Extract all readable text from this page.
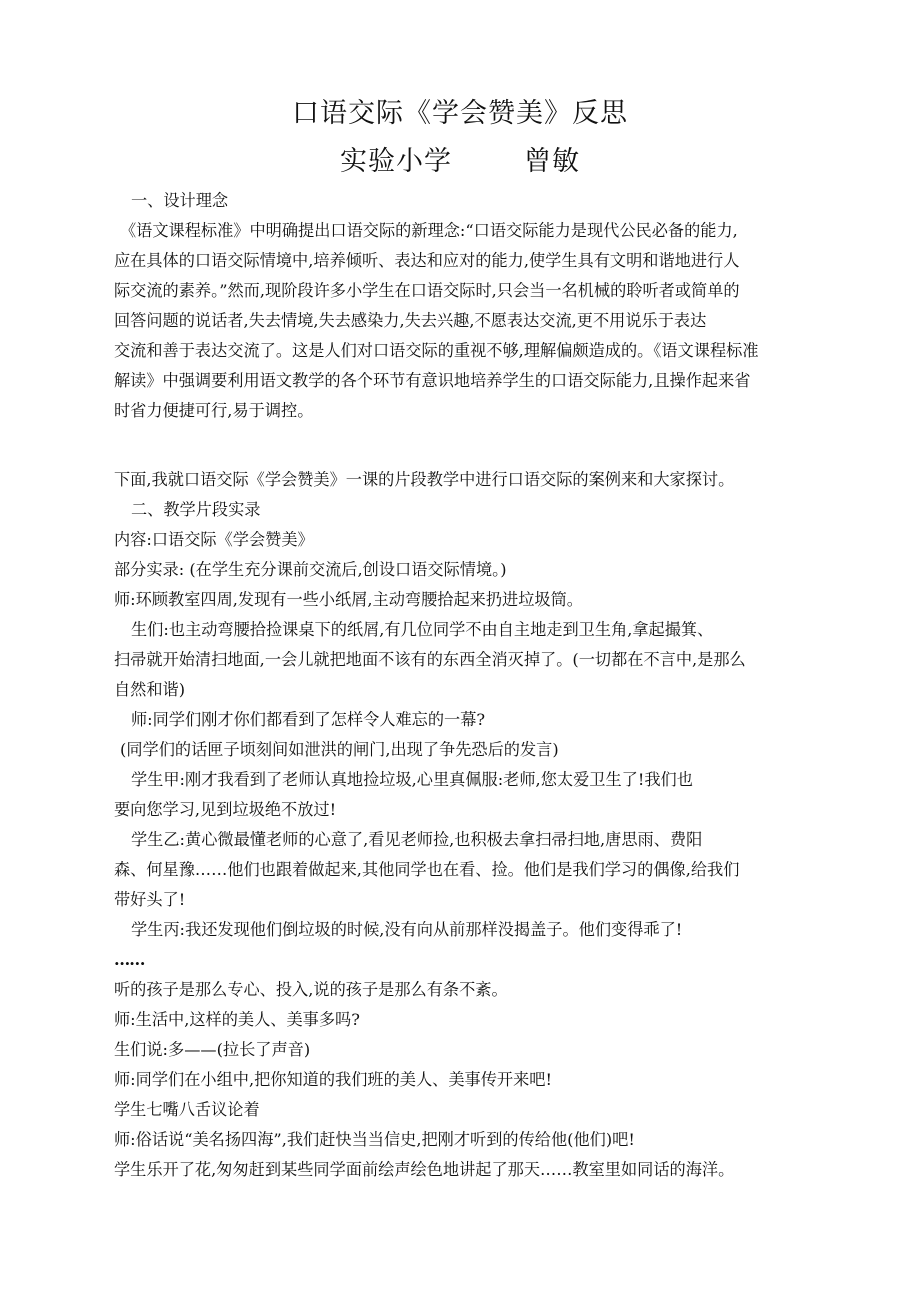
口语交际《学会赞美》反思
实验小学	曾敏

一、设计理念

《语文课程标准》中明确提出口语交际的新理念:“口语交际能力是现代公民必备的能力,

应在具体的口语交际情境中,培养倾听、表达和应对的能力,使学生具有文明和谐地进行人

际交流的素养。”然而,现阶段许多小学生在口语交际时,只会当一名机械的聆听者或简单的

回答问题的说话者,失去情境,失去感染力,失去兴趣,不愿表达交流,更不用说乐于表达

交流和善于表达交流了。这是人们对口语交际的重视不够,理解偏颇造成的。《语文课程标准

解读》中强调要利用语文教学的各个环节有意识地培养学生的口语交际能力,且操作起来省

时省力便捷可行,易于调控。

下面,我就口语交际《学会赞美》一课的片段教学中进行口语交际的案例来和大家探讨。

二、教学片段实录

内容:口语交际《学会赞美》

部分实录: (在学生充分课前交流后,创设口语交际情境。)

师:环顾教室四周,发现有一些小纸屑,主动弯腰拾起来扔进垃圾筒。

生们:也主动弯腰拾捡课桌下的纸屑,有几位同学不由自主地走到卫生角,拿起撮箕、

扫帚就开始清扫地面,一会儿就把地面不该有的东西全消灭掉了。(一切都在不言中,是那么

自然和谐)

师:同学们刚才你们都看到了怎样令人难忘的一幕?

(同学们的话匣子顷刻间如泄洪的闸门,出现了争先恐后的发言)

学生甲:刚才我看到了老师认真地捡垃圾,心里真佩服:老师,您太爱卫生了!我们也

要向您学习,见到垃圾绝不放过!

学生乙:黄心微最懂老师的心意了,看见老师捡,也积极去拿扫帚扫地,唐思雨、费阳

森、何星豫……他们也跟着做起来,其他同学也在看、捡。他们是我们学习的偶像,给我们

带好头了!

学生丙:我还发现他们倒垃圾的时候,没有向从前那样没揭盖子。他们变得乖了!

……

听的孩子是那么专心、投入,说的孩子是那么有条不紊。

师:生活中,这样的美人、美事多吗?

生们说:多——(拉长了声音)

师:同学们在小组中,把你知道的我们班的美人、美事传开来吧!

学生七嘴八舌议论着

师:俗话说“美名扬四海”,我们赶快当当信史,把刚才听到的传给他(他们)吧!

学生乐开了花,匆匆赶到某些同学面前绘声绘色地讲起了那天……教室里如同话的海洋。
